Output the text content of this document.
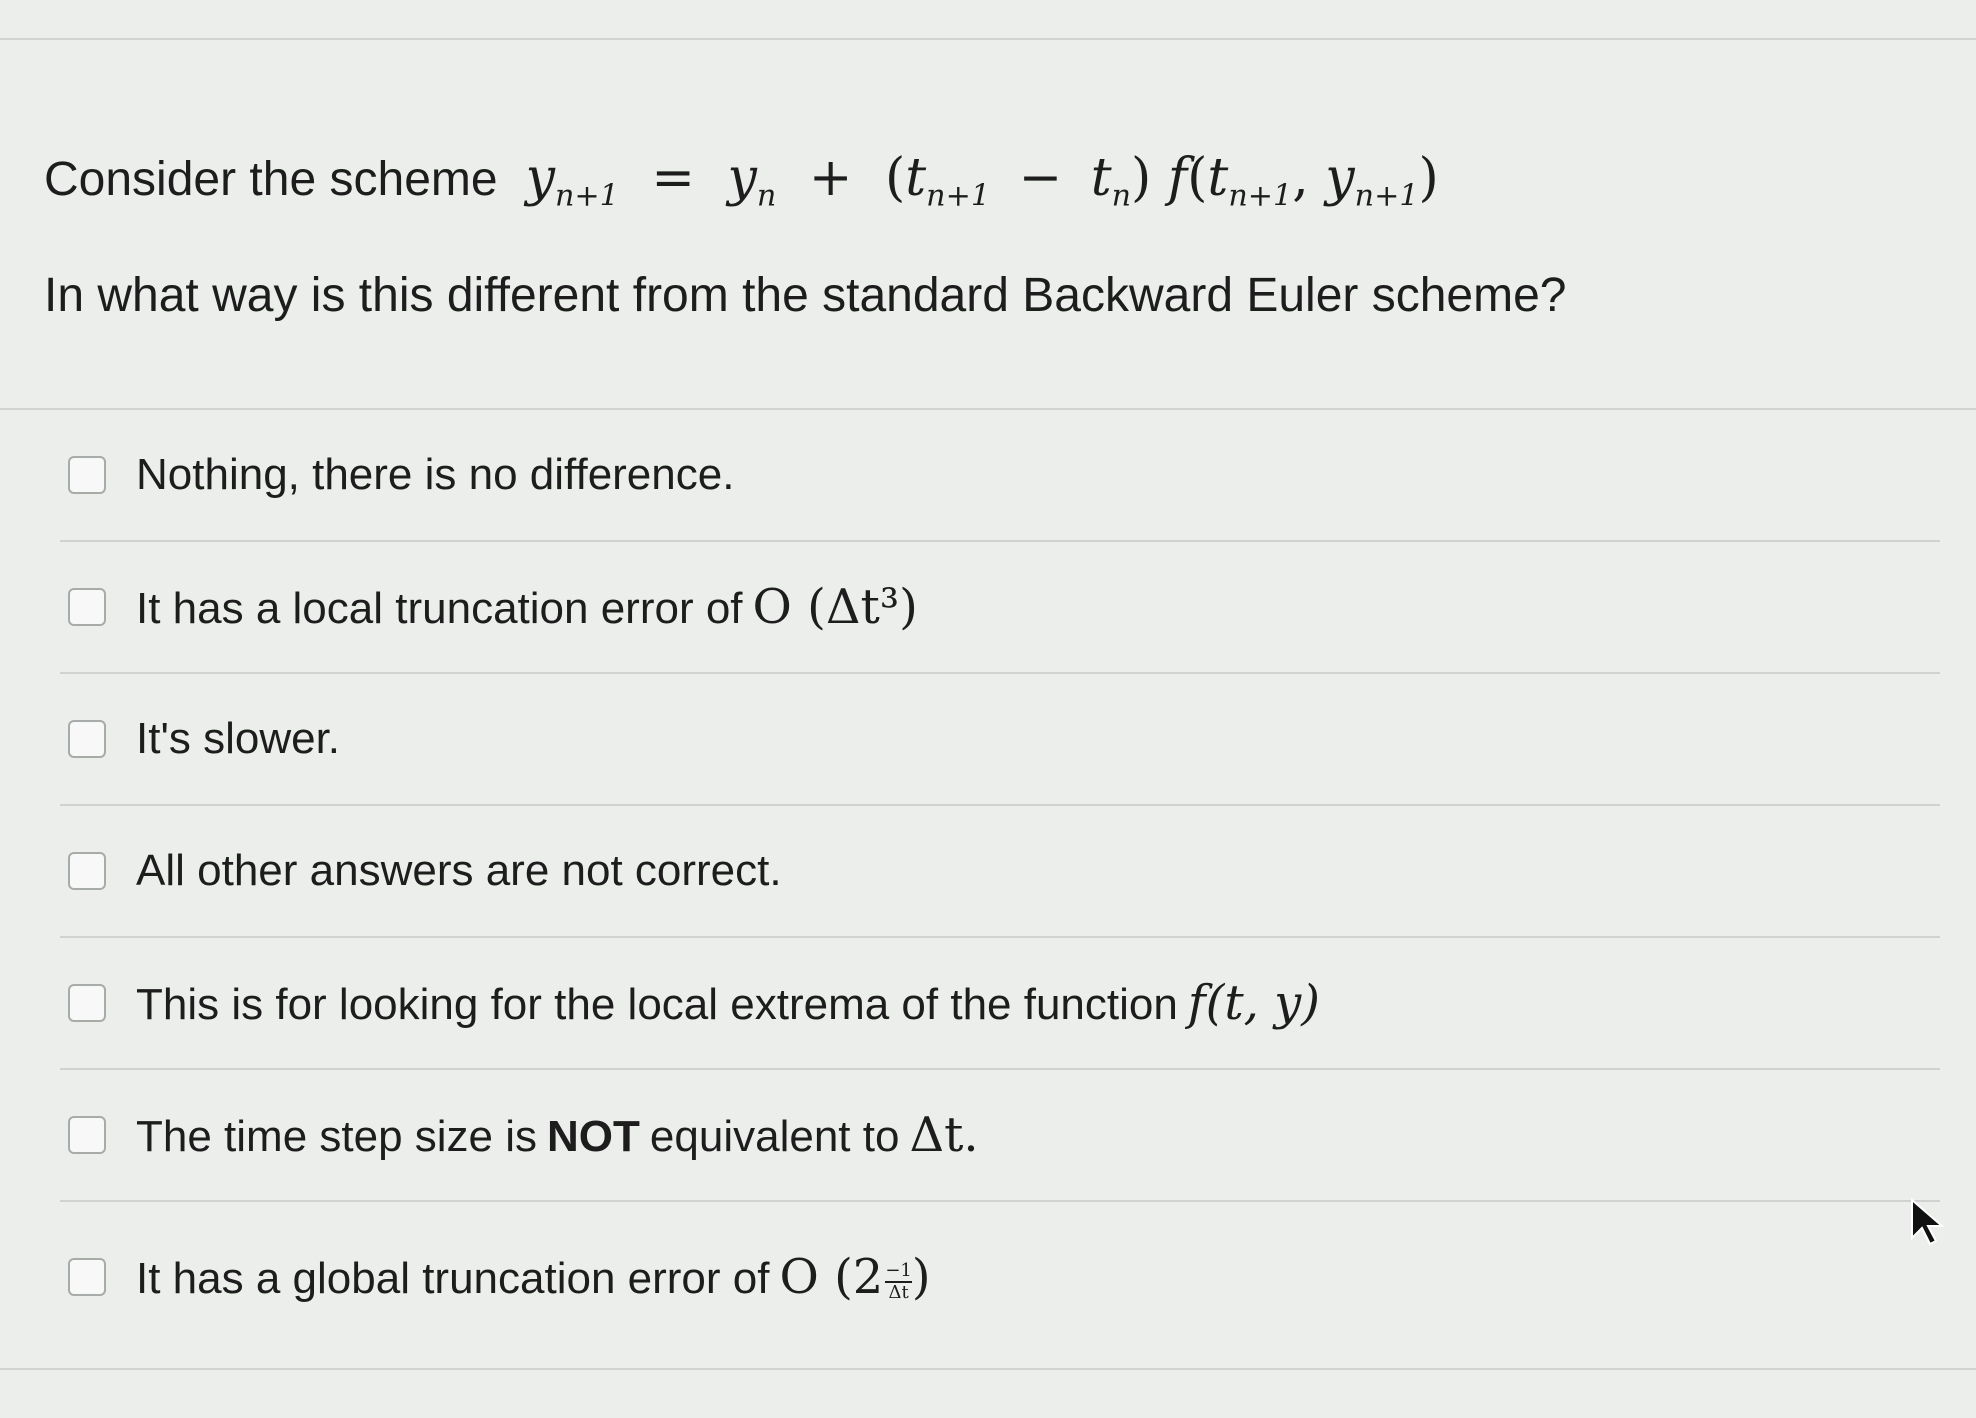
Consider the scheme $y_{n+1} = y_n + (t_{n+1} - t_n)$ $f(t_{n+1}$, $y_{n+1}$)
In what way is this different from the standard Backward Euler scheme?
Nothing, there is no difference.
It has a local truncation error of O (Δt³)
It's slower.
All other answers are not correct.
This is for looking for the local extrema of the function f(t, y)
The time step size is NOT equivalent to Δt.
It has a global truncation error of O ($2 \frac{-1}{\Delta t}$ )
